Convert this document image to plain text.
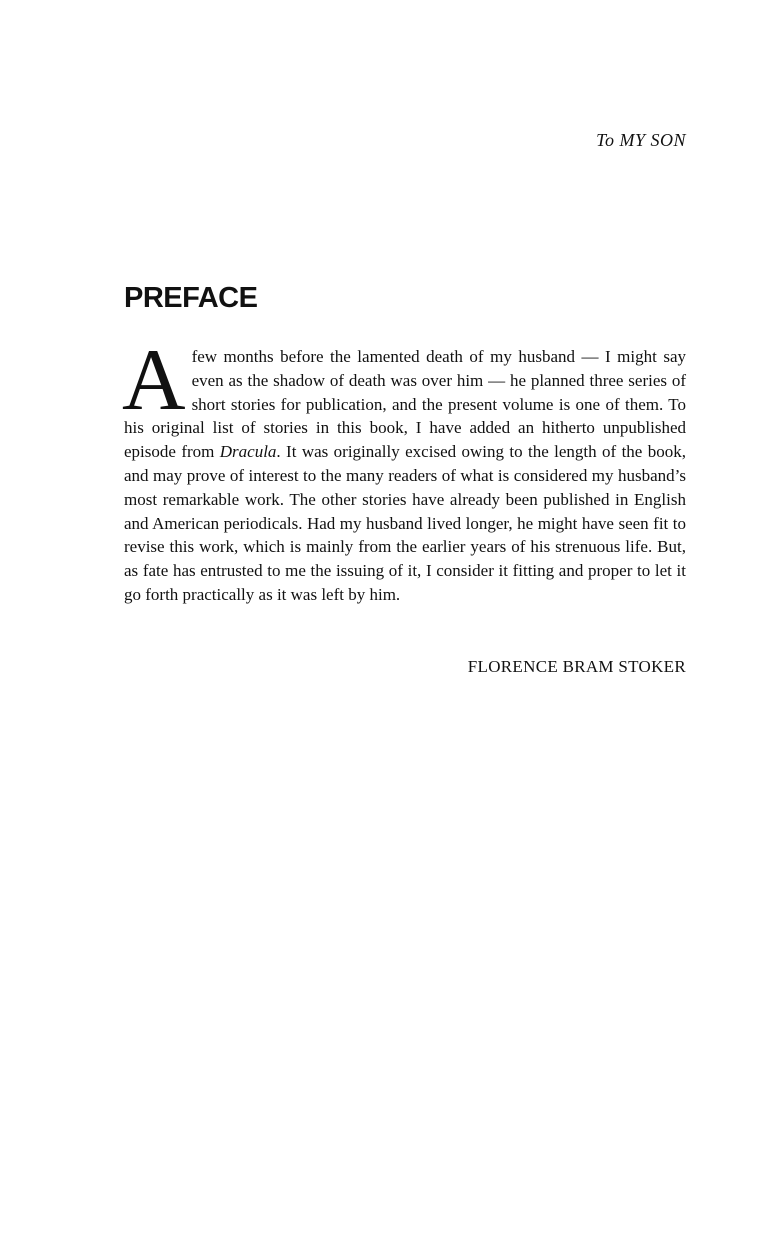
To MY SON
PREFACE

Afew months before the lamented death of my husband — I might say even as the shadow of death was over him — he planned three series of short stories for publication, and the present volume is one of them. To his original list of stories in this book, I have added an hitherto unpublished episode from Dracula. It was originally excised owing to the length of the book, and may prove of interest to the many readers of what is considered my husband’s most remarkable work. The other stories have already been published in English and American periodicals. Had my husband lived longer, he might have seen fit to revise this work, which is mainly from the earlier years of his strenuous life. But, as fate has entrusted to me the issuing of it, I consider it fitting and proper to let it go forth practically as it was left by him.

FLORENCE BRAM STOKER
